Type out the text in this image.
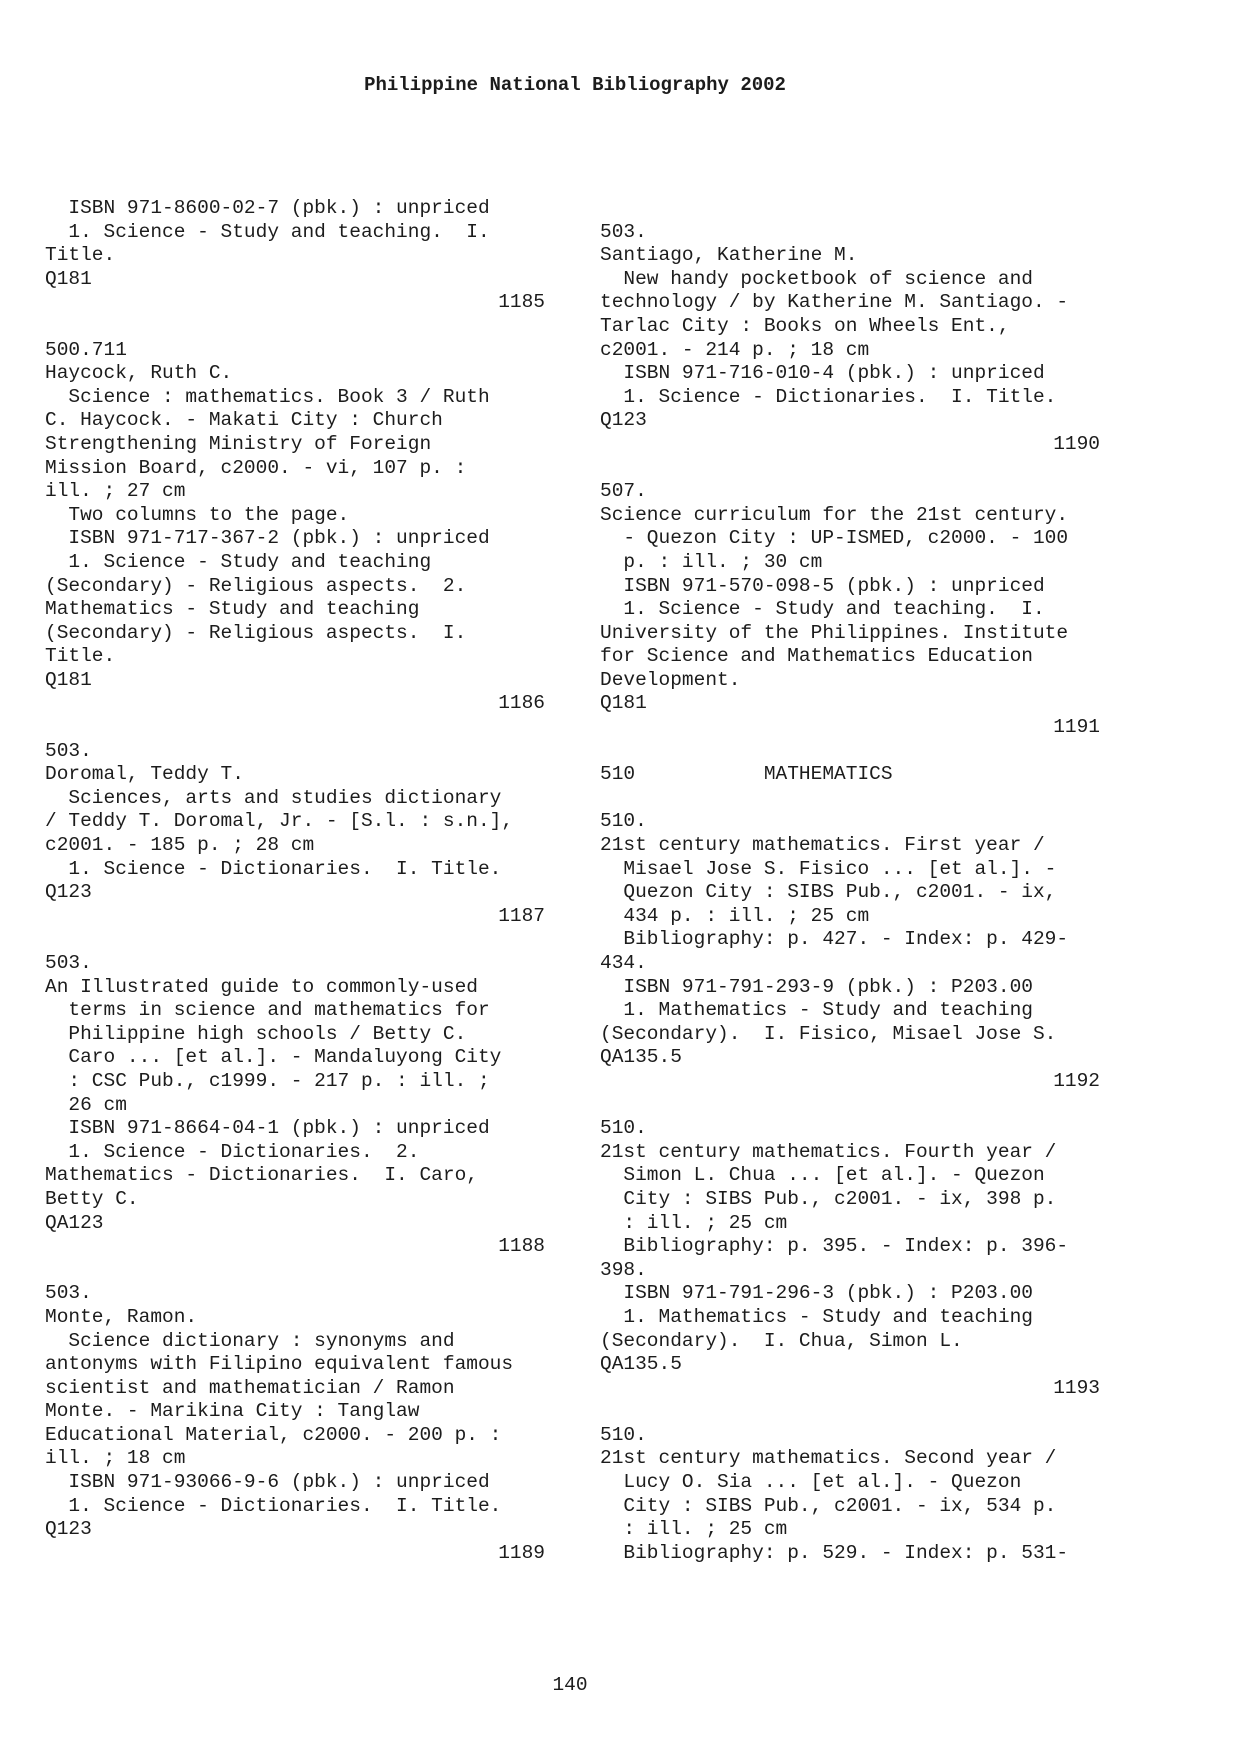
Philippine National Bibliography 2002
ISBN 971-8600-02-7 (pbk.) : unpriced
1. Science - Study and teaching.  I.
Title.
Q181
1185
500.711
Haycock, Ruth C.
Science : mathematics. Book 3 / Ruth
C. Haycock. - Makati City : Church
Strengthening Ministry of Foreign
Mission Board, c2000. - vi, 107 p. :
ill. ; 27 cm
Two columns to the page.
ISBN 971-717-367-2 (pbk.) : unpriced
1. Science - Study and teaching
(Secondary) - Religious aspects.  2.
Mathematics - Study and teaching
(Secondary) - Religious aspects.  I.
Title.
Q181
1186
503.
Doromal, Teddy T.
Sciences, arts and studies dictionary
/ Teddy T. Doromal, Jr. - [S.l. : s.n.],
c2001. - 185 p. ; 28 cm
1. Science - Dictionaries.  I. Title.
Q123
1187
503.
An Illustrated guide to commonly-used
terms in science and mathematics for
Philippine high schools / Betty C.
Caro ... [et al.]. - Mandaluyong City
: CSC Pub., c1999. - 217 p. : ill. ;
26 cm
ISBN 971-8664-04-1 (pbk.) : unpriced
1. Science - Dictionaries.  2.
Mathematics - Dictionaries.  I. Caro,
Betty C.
QA123
1188
503.
Monte, Ramon.
Science dictionary : synonyms and
antonyms with Filipino equivalent famous
scientist and mathematician / Ramon
Monte. - Marikina City : Tanglaw
Educational Material, c2000. - 200 p. :
ill. ; 18 cm
ISBN 971-93066-9-6 (pbk.) : unpriced
1. Science - Dictionaries.  I. Title.
Q123
1189
503.
Santiago, Katherine M.
New handy pocketbook of science and
technology / by Katherine M. Santiago. -
Tarlac City : Books on Wheels Ent.,
c2001. - 214 p. ; 18 cm
ISBN 971-716-010-4 (pbk.) : unpriced
1. Science - Dictionaries.  I. Title.
Q123
1190
507.
Science curriculum for the 21st century.
- Quezon City : UP-ISMED, c2000. - 100
p. : ill. ; 30 cm
ISBN 971-570-098-5 (pbk.) : unpriced
1. Science - Study and teaching.  I.
University of the Philippines. Institute
for Science and Mathematics Education
Development.
Q181
1191
510           MATHEMATICS
510.
21st century mathematics. First year /
Misael Jose S. Fisico ... [et al.]. -
Quezon City : SIBS Pub., c2001. - ix,
434 p. : ill. ; 25 cm
Bibliography: p. 427. - Index: p. 429-
434.
ISBN 971-791-293-9 (pbk.) : P203.00
1. Mathematics - Study and teaching
(Secondary).  I. Fisico, Misael Jose S.
QA135.5
1192
510.
21st century mathematics. Fourth year /
Simon L. Chua ... [et al.]. - Quezon
City : SIBS Pub., c2001. - ix, 398 p.
: ill. ; 25 cm
Bibliography: p. 395. - Index: p. 396-
398.
ISBN 971-791-296-3 (pbk.) : P203.00
1. Mathematics - Study and teaching
(Secondary).  I. Chua, Simon L.
QA135.5
1193
510.
21st century mathematics. Second year /
Lucy O. Sia ... [et al.]. - Quezon
City : SIBS Pub., c2001. - ix, 534 p.
: ill. ; 25 cm
Bibliography: p. 529. - Index: p. 531-
140
